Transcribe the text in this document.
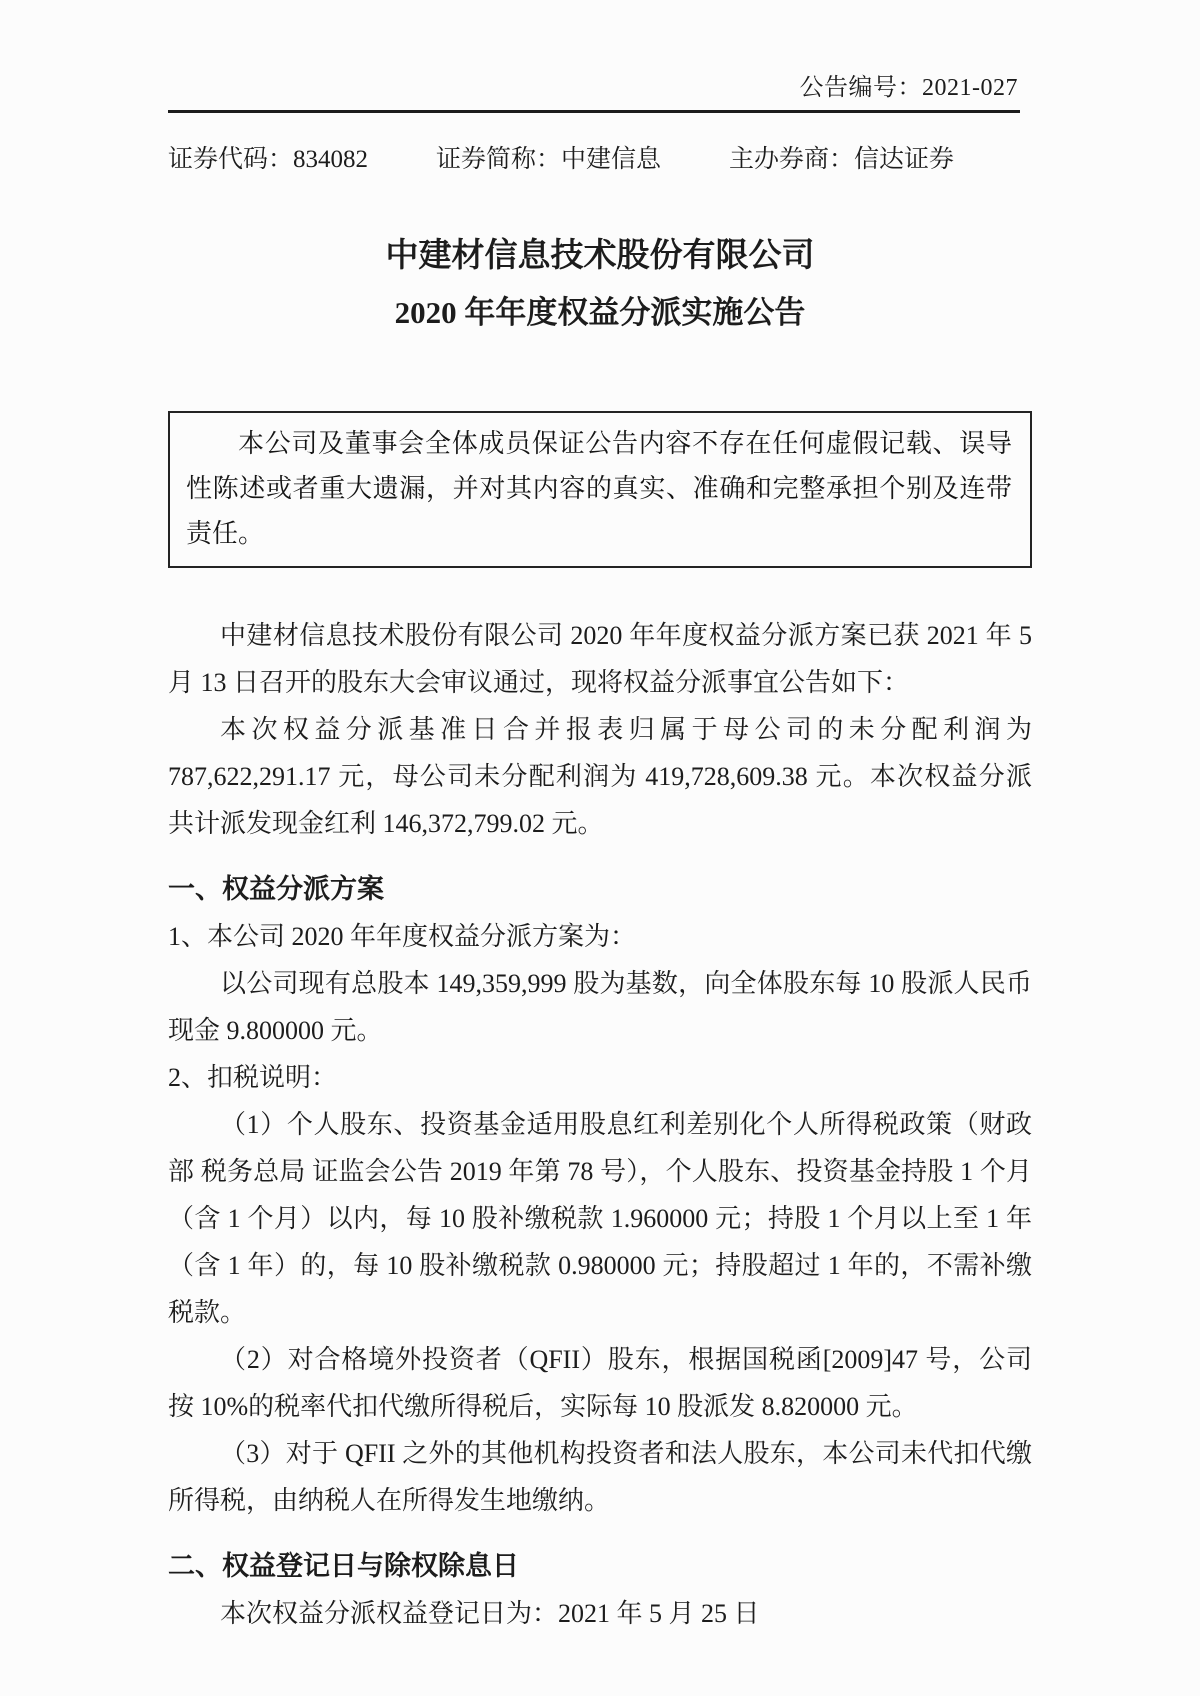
公告编号：2021-027
证券代码：834082	证券简称：中建信息	主办券商：信达证券
中建材信息技术股份有限公司
2020 年年度权益分派实施公告

本公司及董事会全体成员保证公告内容不存在任何虚假记载、误导性陈述或者重大遗漏，并对其内容的真实、准确和完整承担个别及连带责任。

中建材信息技术股份有限公司 2020 年年度权益分派方案已获 2021 年 5 月 13 日召开的股东大会审议通过，现将权益分派事宜公告如下：

本次权益分派基准日合并报表归属于母公司的未分配利润为 787,622,291.17 元，母公司未分配利润为 419,728,609.38 元。本次权益分派共计派发现金红利 146,372,799.02 元。

一、权益分派方案

1、本公司 2020 年年度权益分派方案为：

以公司现有总股本 149,359,999 股为基数，向全体股东每 10 股派人民币现金 9.800000 元。

2、扣税说明：

（1）个人股东、投资基金适用股息红利差别化个人所得税政策（财政部 税务总局 证监会公告 2019 年第 78 号），个人股东、投资基金持股 1 个月（含 1 个月）以内，每 10 股补缴税款 1.960000 元；持股 1 个月以上至 1 年（含 1 年）的，每 10 股补缴税款 0.980000 元；持股超过 1 年的，不需补缴税款。

（2）对合格境外投资者（QFII）股东，根据国税函[2009]47 号，公司按 10%的税率代扣代缴所得税后，实际每 10 股派发 8.820000 元。

（3）对于 QFII 之外的其他机构投资者和法人股东，本公司未代扣代缴所得税，由纳税人在所得发生地缴纳。

二、权益登记日与除权除息日

本次权益分派权益登记日为：2021 年 5 月 25 日
